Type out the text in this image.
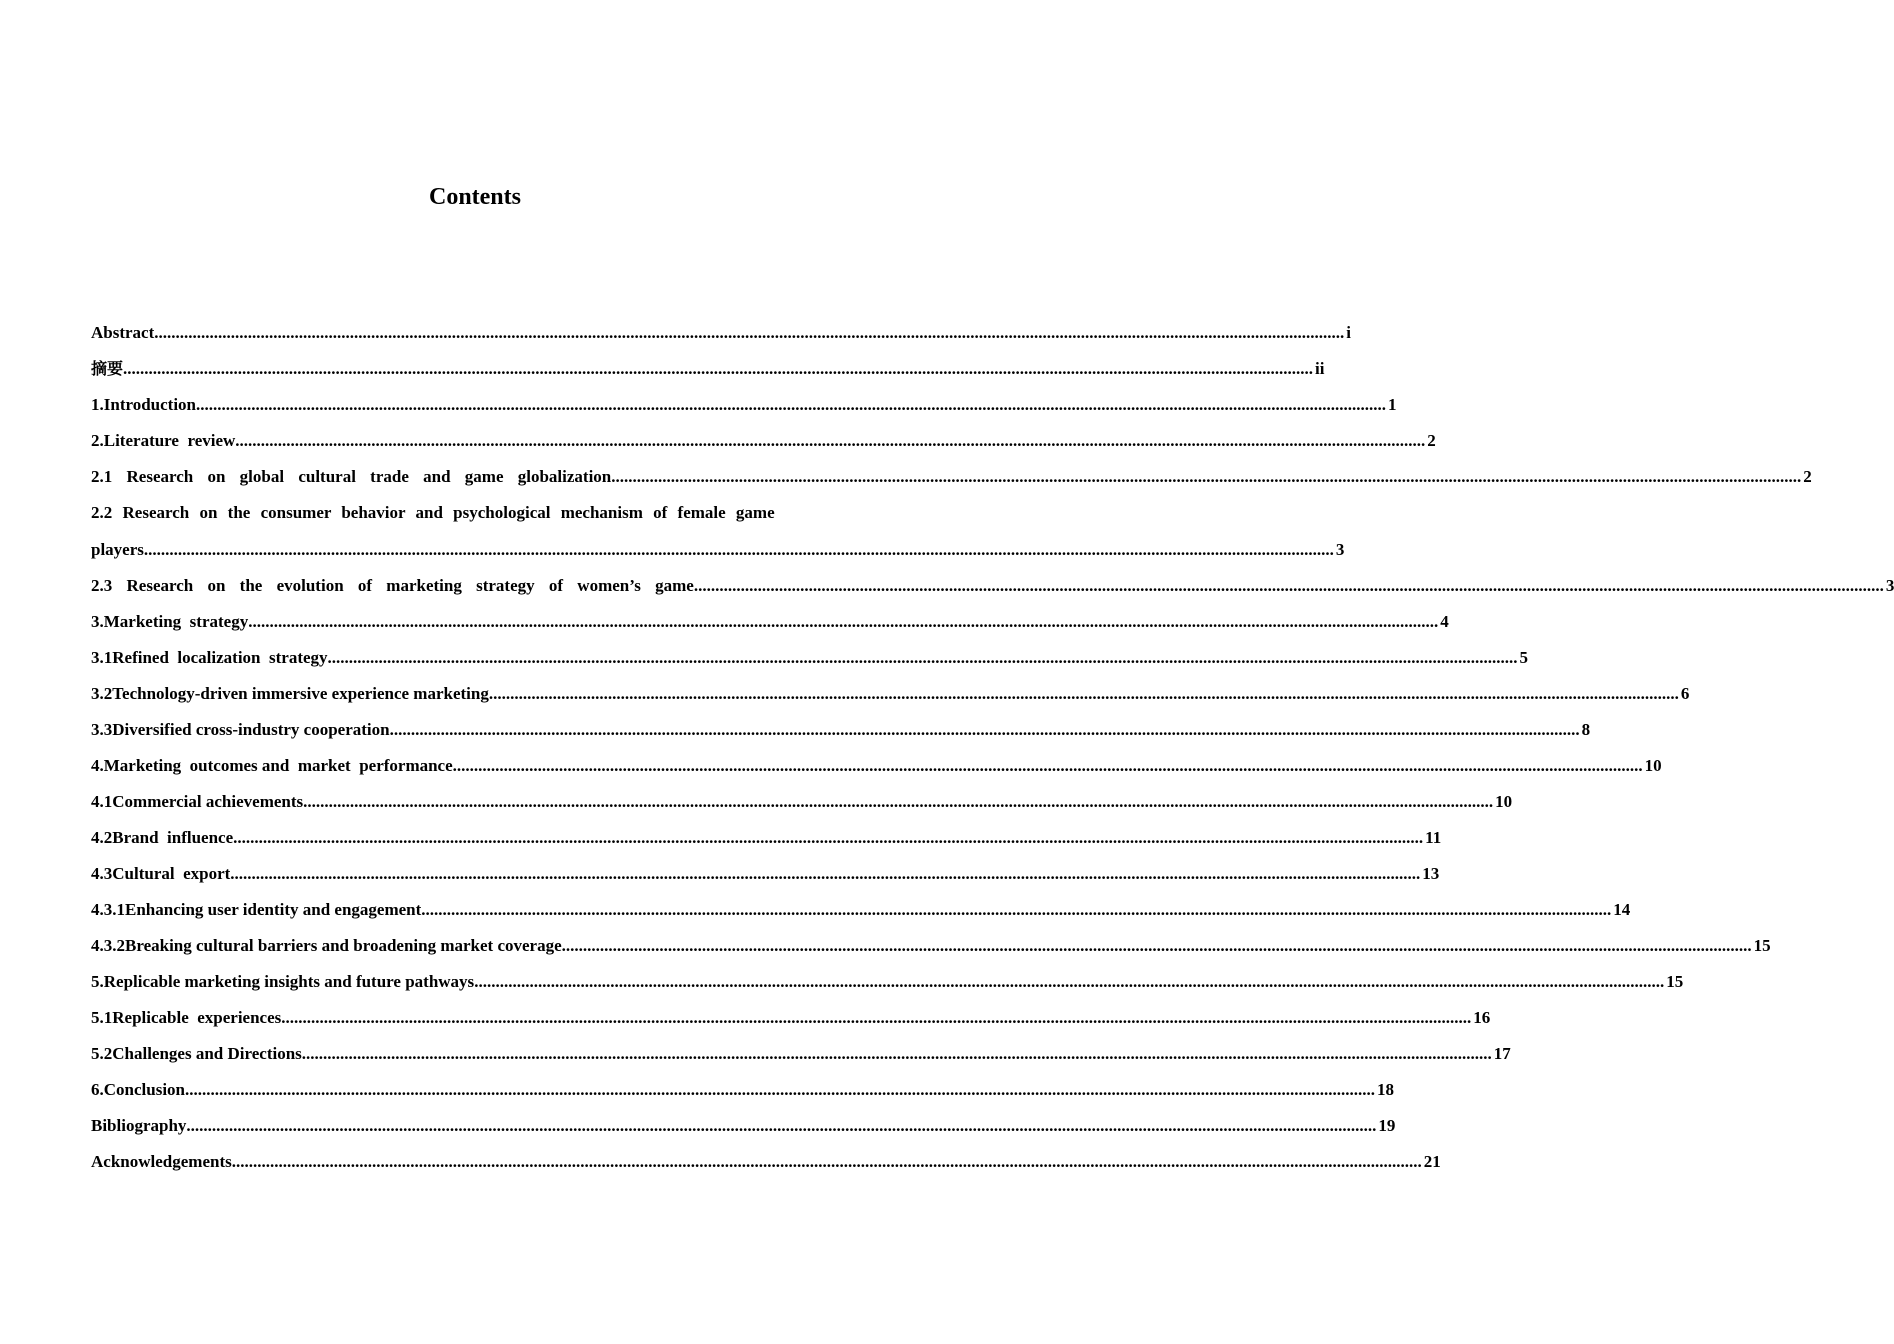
Contents
Abstract .....	i
摘要 .....	ii
1.Introduction .....	1
2.Literature  review .....	2
2.1 Research on global cultural trade and game globalization .....	2
2.2 Research on the consumer behavior and psychological mechanism of female game
players .....	3
2.3 Research on the evolution of marketing strategy of women’s game .....	3
3.Marketing  strategy .....	4
3.1Refined  localization  strategy .....	5
3.2Technology-driven immersive experience marketing .....	6
3.3Diversified cross-industry cooperation .....	8
4.Marketing  outcomes and  market  performance .....	10
4.1Commercial achievements .....	10
4.2Brand  influence .....	11
4.3Cultural  export .....	13
4.3.1Enhancing user identity and engagement .....	14
4.3.2Breaking cultural barriers and broadening market coverage .....	15
5.Replicable marketing insights and future pathways .....	15
5.1Replicable  experiences .....	16
5.2Challenges and Directions .....	17
6.Conclusion .....	18
Bibliography .....	19
Acknowledgements .....	21
